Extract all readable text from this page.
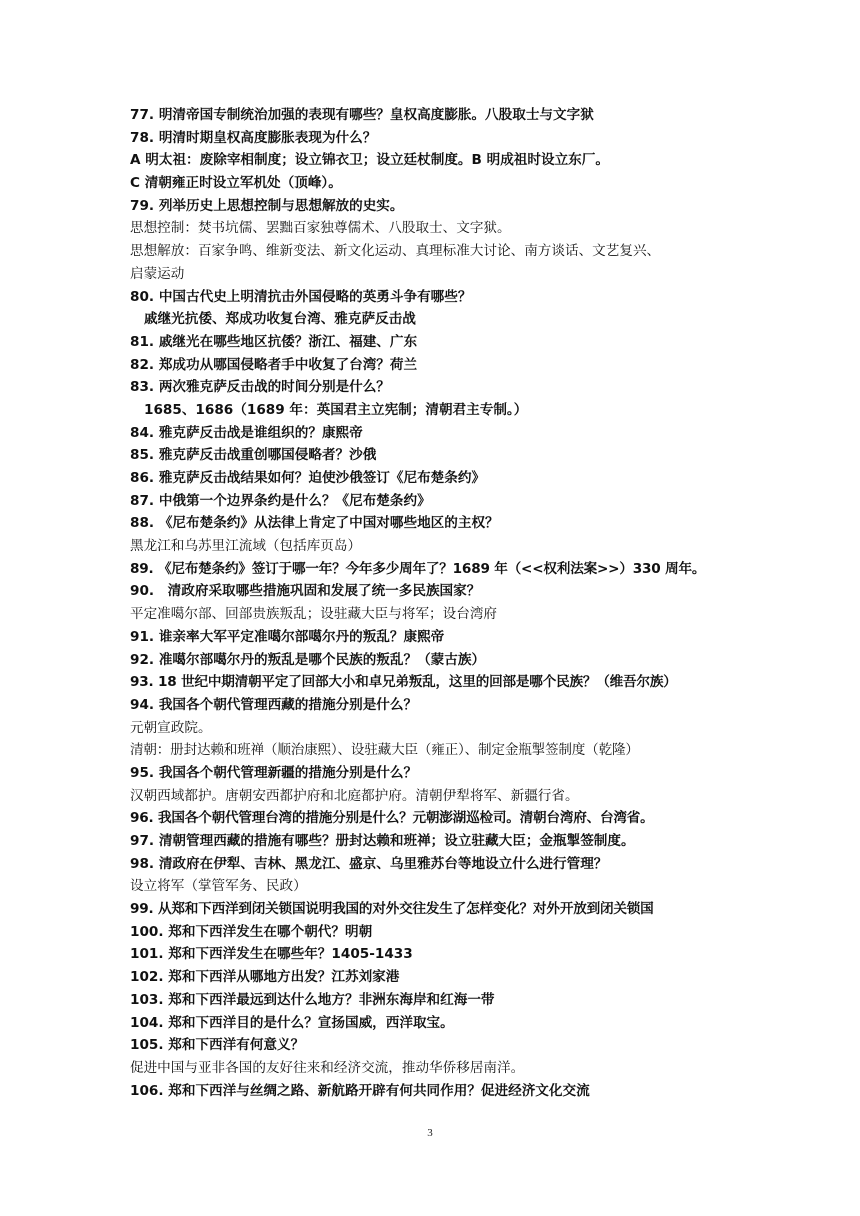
77. 明清帝国专制统治加强的表现有哪些？皇权高度膨胀。八股取士与文字狱
78. 明清时期皇权高度膨胀表现为什么？
A 明太祖：废除宰相制度；设立锦衣卫；设立廷杖制度。B 明成祖时设立东厂。
C 清朝雍正时设立军机处（顶峰）。
79. 列举历史上思想控制与思想解放的史实。
思想控制：焚书坑儒、罢黜百家独尊儒术、八股取士、文字狱。
思想解放：百家争鸣、维新变法、新文化运动、真理标准大讨论、南方谈话、文艺复兴、
启蒙运动
80. 中国古代史上明清抗击外国侵略的英勇斗争有哪些？
戚继光抗倭、郑成功收复台湾、雅克萨反击战
81. 戚继光在哪些地区抗倭？浙江、福建、广东
82. 郑成功从哪国侵略者手中收复了台湾？荷兰
83. 两次雅克萨反击战的时间分别是什么？
1685、1686（1689 年：英国君主立宪制；清朝君主专制。）
84. 雅克萨反击战是谁组织的？康熙帝
85. 雅克萨反击战重创哪国侵略者？沙俄
86. 雅克萨反击战结果如何？迫使沙俄签订《尼布楚条约》
87. 中俄第一个边界条约是什么？《尼布楚条约》
88. 《尼布楚条约》从法律上肯定了中国对哪些地区的主权？
黑龙江和乌苏里江流域（包括库页岛）
89. 《尼布楚条约》签订于哪一年？今年多少周年了？1689 年（<<权利法案>>）330 周年。
90.　清政府采取哪些措施巩固和发展了统一多民族国家？
平定准噶尔部、回部贵族叛乱；设驻藏大臣与将军；设台湾府
91. 谁亲率大军平定准噶尔部噶尔丹的叛乱？康熙帝
92. 准噶尔部噶尔丹的叛乱是哪个民族的叛乱？（蒙古族）
93. 18 世纪中期清朝平定了回部大小和卓兄弟叛乱，这里的回部是哪个民族？（维吾尔族）
94. 我国各个朝代管理西藏的措施分别是什么？
元朝宣政院。
清朝：册封达赖和班禅（顺治康熙）、设驻藏大臣（雍正）、制定金瓶掣签制度（乾隆）
95. 我国各个朝代管理新疆的措施分别是什么？
汉朝西域都护。唐朝安西都护府和北庭都护府。清朝伊犁将军、新疆行省。
96. 我国各个朝代管理台湾的措施分别是什么？元朝澎湖巡检司。清朝台湾府、台湾省。
97. 清朝管理西藏的措施有哪些？册封达赖和班禅；设立驻藏大臣；金瓶掣签制度。
98. 清政府在伊犁、吉林、黑龙江、盛京、乌里雅苏台等地设立什么进行管理？
设立将军（掌管军务、民政）
99. 从郑和下西洋到闭关锁国说明我国的对外交往发生了怎样变化？对外开放到闭关锁国
100. 郑和下西洋发生在哪个朝代？明朝
101. 郑和下西洋发生在哪些年？1405-1433
102. 郑和下西洋从哪地方出发？江苏刘家港
103. 郑和下西洋最远到达什么地方？非洲东海岸和红海一带
104. 郑和下西洋目的是什么？宣扬国威，西洋取宝。
105. 郑和下西洋有何意义？
促进中国与亚非各国的友好往来和经济交流，推动华侨移居南洋。
106. 郑和下西洋与丝绸之路、新航路开辟有何共同作用？促进经济文化交流
3
